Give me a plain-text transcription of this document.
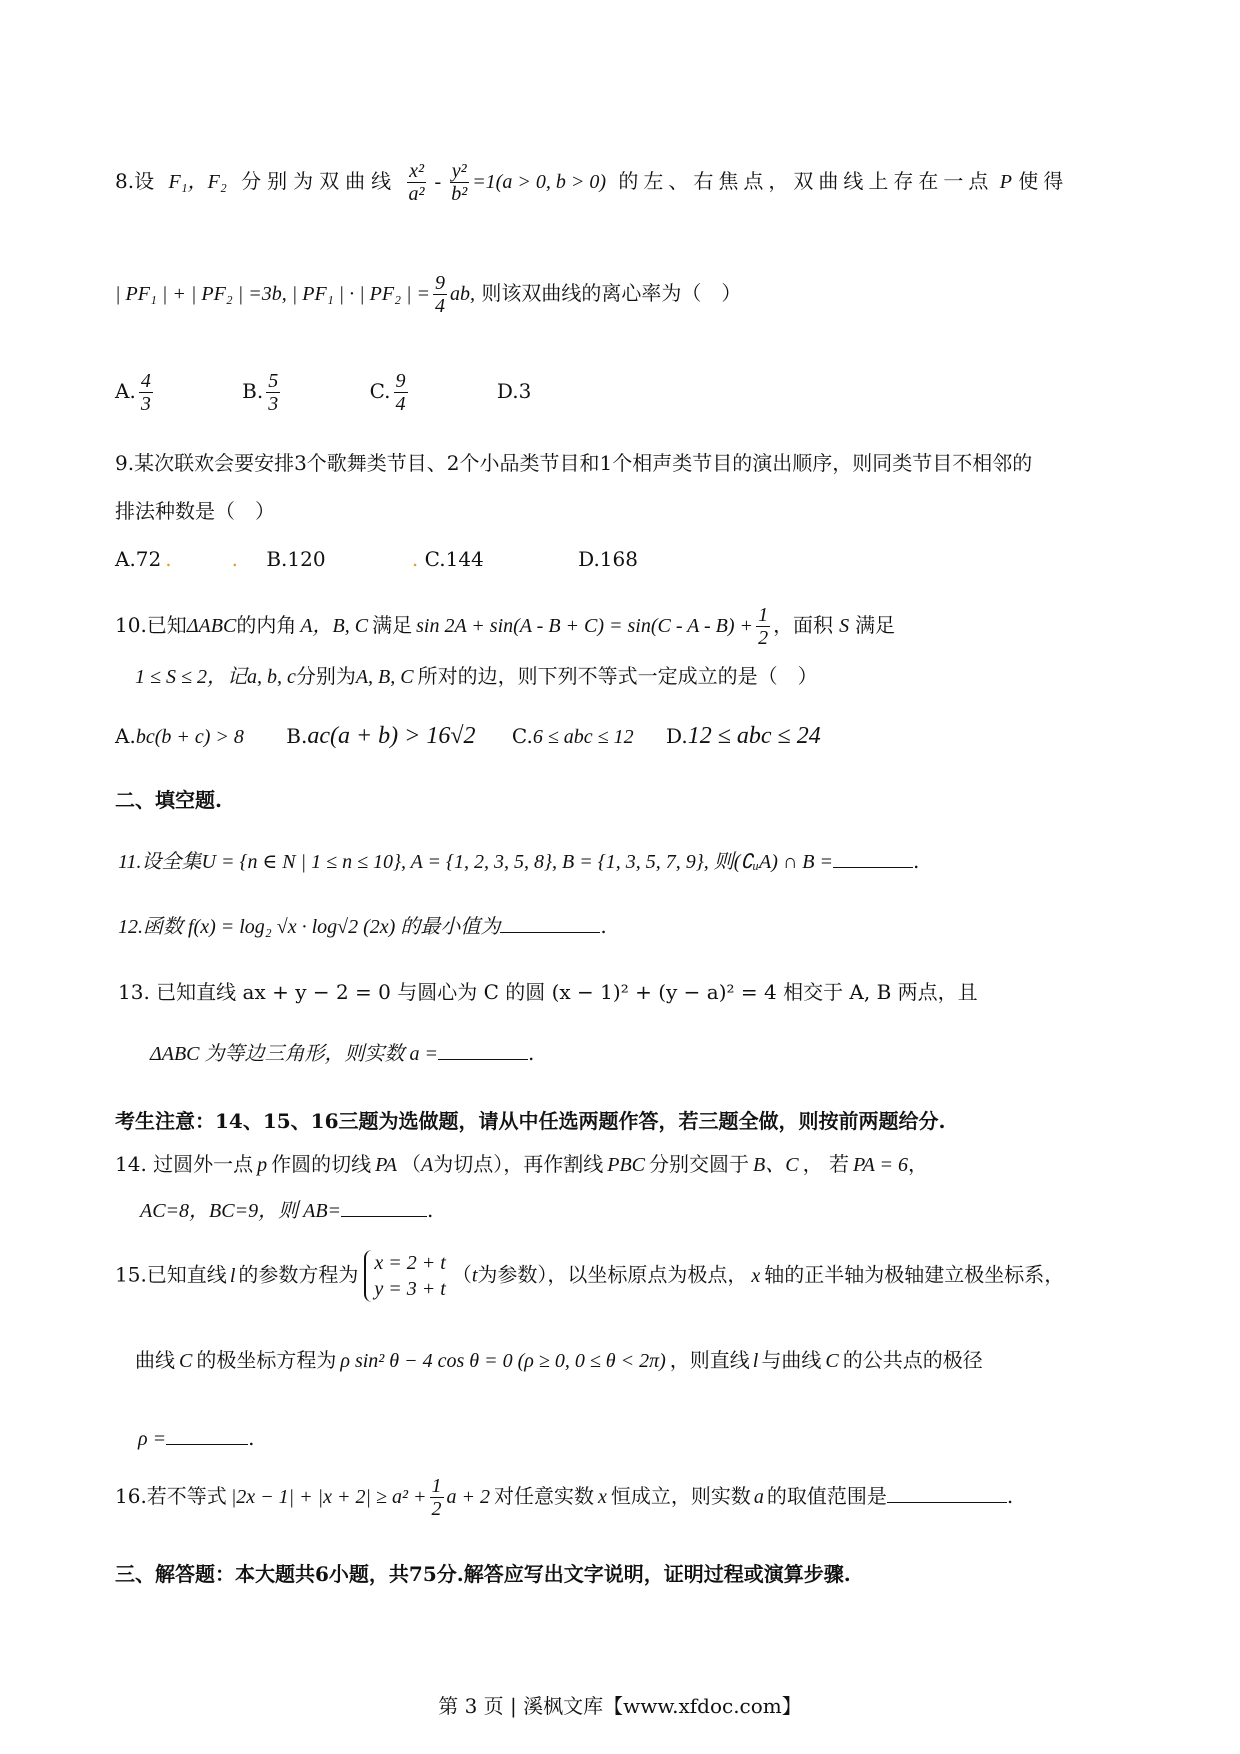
8.设 F₁，F₂ 分别为双曲线 $\frac{\text{x²}}{\text{a²}} - \frac{\text{y²}}{\text{b²}} =1(a > 0$, b > 0) 的左、右焦点，双曲线上存在一点 P 使得
| PF₁ | + | PF₂ | =3b, | PF₁ | · | PF₂ | = $\frac{9}{4}$ ab, 则该双曲线的离心率为（　）
A. $\frac{4}{3}$	B. $\frac{5}{3}$	C. $\frac{9}{4}$	D.3
9.某次联欢会要安排3个歌舞类节目、2个小品类节目和1个相声类节目的演出顺序，则同类节目不相邻的
排法种数是（　）
A.72 .	. B.120	. C.144	D.168
10.已知ΔABC的内角 A，B, C 满足 $\sin 2A + \sin(A - B + C) = \sin(C - A - B) + \frac{1}{2}$ ，面积 S 满足
1 ≤ S ≤ 2，记a, b, c分别为A, B, C 所对的边，则下列不等式一定成立的是（　）
A.bc(b + c) > 8 B.ac(a + b) > 16√2 C.6 ≤ abc ≤ 12 D.12 ≤ abc ≤ 24
二、填空题.
11.设全集U = {n ∈ N | 1 ≤ n ≤ 10}, A = {1, 2, 3, 5, 8}, B = {1, 3, 5, 7, 9}, 则(∁ᵤA) ∩ B =	.
12.函数 f(x) = log₂ √x · log√2 (2x) 的最小值为	.
13. 已知直线 ax + y − 2 = 0 与圆心为 C 的圆 (x − 1)² + (y − a)² = 4 相交于 A, B 两点，且
ΔABC 为等边三角形，则实数 a =	.
考生注意：14、15、16三题为选做题，请从中任选两题作答，若三题全做，则按前两题给分.
14. 过圆外一点 p 作圆的切线 PA （A为切点），再作割线 PBC 分别交圆于 B、C ， 若 PA = 6，
AC=8，BC=9，则 AB=	.
15.已知直线 l 的参数方程为 x = 2 + t
y = 3 + t
（t为参数），以坐标原点为极点， x 轴的正半轴为极轴建立极坐标系，
曲线 C 的极坐标方程为 ρ sin² θ − 4 cos θ = 0 (ρ ≥ 0, 0 ≤ θ < 2π) ，则直线 l 与曲线 C 的公共点的极径
ρ =	.
16.若不等式 $|2x - 1| + |x + 2| \ge a^2 + \frac{1}{2}$ a + 2 对任意实数 x 恒成立，则实数 a 的取值范围是	.
三、解答题：本大题共6小题，共75分.解答应写出文字说明，证明过程或演算步骤.
第 3 页 | 溪枫文库【www.xfdoc.com】
